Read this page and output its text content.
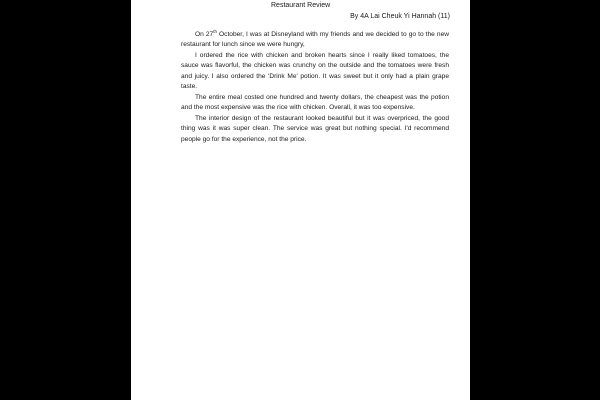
Restaurant Review
By 4A Lai Cheuk Yi Hannah (11)

On 27th October, I was at Disneyland with my friends and we decided to go to the new restaurant for lunch since we were hungry,

I ordered the rice with chicken and broken hearts since I really liked tomatoes, the sauce was flavorful, the chicken was crunchy on the outside and the tomatoes were fresh and juicy. I also ordered the 'Drink Me' potion. It was sweet but it only had a plain grape taste.

The entire meal costed one hundred and twenty dollars, the cheapest was the potion and the most expensive was the rice with chicken. Overall, it was too expensive.

The interior design of the restaurant looked beautiful but it was overpriced, the good thing was it was super clean. The service was great but nothing special. I'd recommend people go for the experience, not the price.
